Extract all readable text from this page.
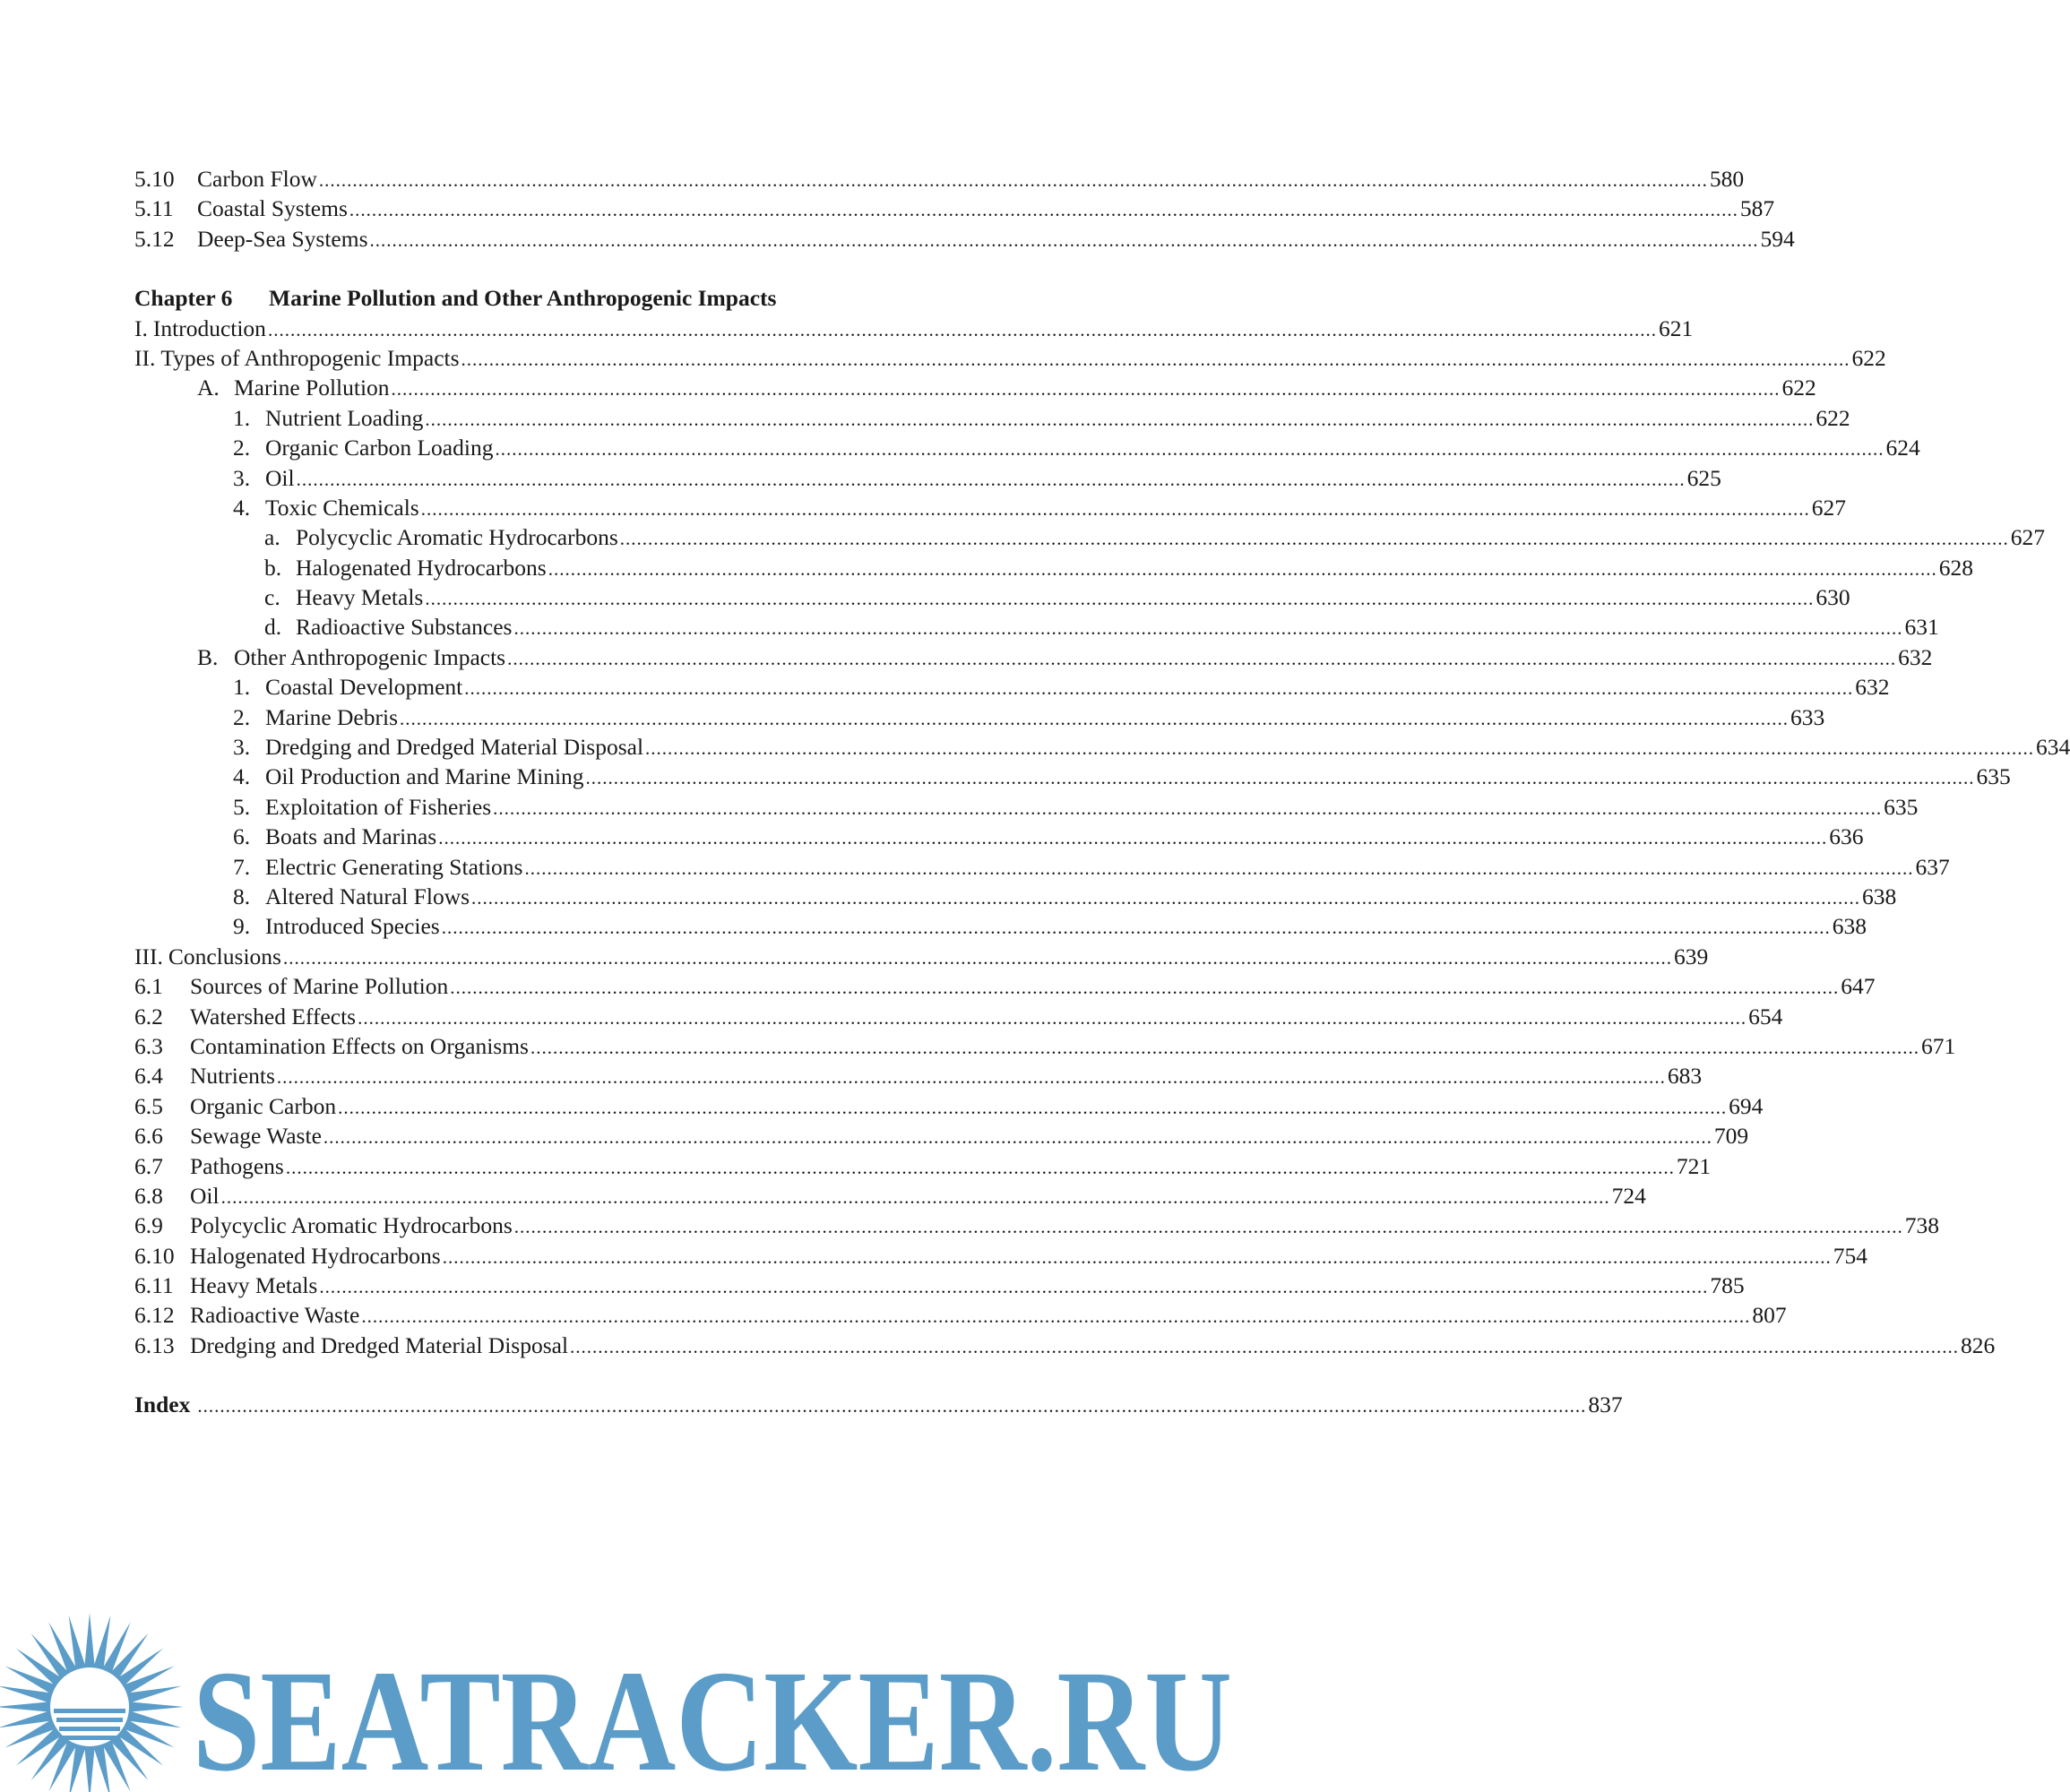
5.10 Carbon Flow .....	580
5.11	Coastal Systems .....	587
5.12 Deep-Sea Systems .....	594
Chapter 6 Marine Pollution and Other Anthropogenic Impacts
I. Introduction .....	621
II. Types of Anthropogenic Impacts .....	622
A. Marine Pollution .....	622
1. Nutrient Loading .....	622
2. Organic Carbon Loading .....	624
3. Oil .....	625
4. Toxic Chemicals .....	627
a. Polycyclic Aromatic Hydrocarbons .....	627
b. Halogenated Hydrocarbons .....	628
c. Heavy Metals .....	630
d. Radioactive Substances .....	631
B. Other Anthropogenic Impacts .....	632
1. Coastal Development .....	632
2. Marine Debris .....	633
3. Dredging and Dredged Material Disposal .....	634
4. Oil Production and Marine Mining .....	635
5. Exploitation of Fisheries .....	635
6. Boats and Marinas .....	636
7. Electric Generating Stations .....	637
8. Altered Natural Flows .....	638
9. Introduced Species .....	638
III. Conclusions .....	639
6.1	Sources of Marine Pollution .....	647
6.2	Watershed Effects .....	654
6.3	Contamination Effects on Organisms .....	671
6.4	Nutrients .....	683
6.5	Organic Carbon .....	694
6.6	Sewage Waste .....	709
6.7	Pathogens .....	721
6.8	Oil .....	724
6.9	Polycyclic Aromatic Hydrocarbons .....	738
6.10 Halogenated Hydrocarbons .....	754
6.11 Heavy Metals .....	785
6.12 Radioactive Waste .....	807
6.13 Dredging and Dredged Material Disposal .....	826
Index .....	837
SEATRACKER.RU
